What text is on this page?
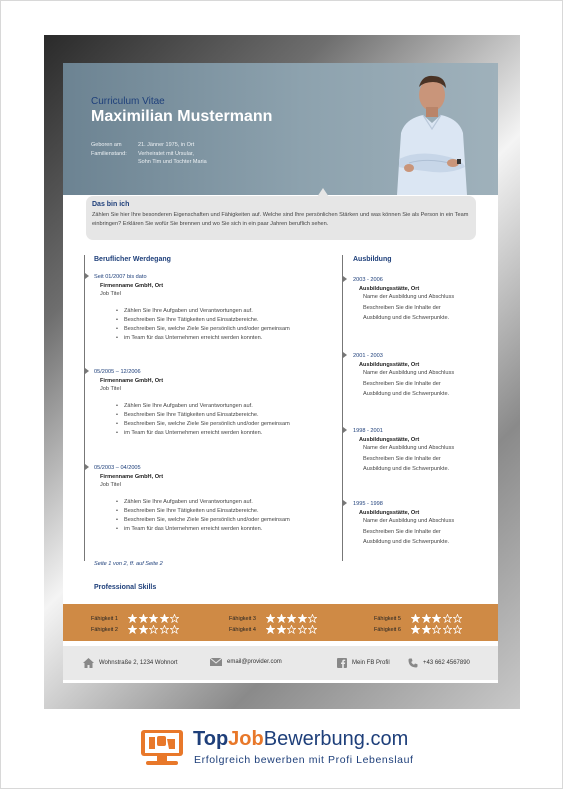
Curriculum Vitae
Maximilian Mustermann
Geboren am	21. Jänner 1975, in Ort
Familienstand:	Verheiratet mit Ursular,
Sohn Tim und Tochter Maria
Das bin ich
Zählen Sie hier Ihre besonderen Eigenschaften und Fähigkeiten auf. Welche sind Ihre persönlichen Stärken und was können Sie als Person in ein Team einbringen? Erklären Sie wofür Sie brennen und wo Sie sich in ein paar Jahren beruflich sehen.
Beruflicher Werdegang
Seit 01/2007 bis dato
Firmenname GmbH, Ort
Job Titel
• Zählen Sie Ihre Aufgaben und Verantwortungen auf.
• Beschreiben Sie Ihre Tätigkeiten und Einsatzbereiche.
• Beschreiben Sie, welche Ziele Sie persönlich und/oder gemeinsam
• im Team für das Unternehmen erreicht werden konnten.
05/2005 – 12/2006
Firmenname GmbH, Ort
Job Titel
• Zählen Sie Ihre Aufgaben und Verantwortungen auf.
• Beschreiben Sie Ihre Tätigkeiten und Einsatzbereiche.
• Beschreiben Sie, welche Ziele Sie persönlich und/oder gemeinsam
• im Team für das Unternehmen erreicht werden konnten.
05/2003 – 04/2005
Firmenname GmbH, Ort
Job Titel
• Zählen Sie Ihre Aufgaben und Verantwortungen auf.
• Beschreiben Sie Ihre Tätigkeiten und Einsatzbereiche.
• Beschreiben Sie, welche Ziele Sie persönlich und/oder gemeinsam
• im Team für das Unternehmen erreicht werden konnten.
Seite 1 von 2, ff. auf Seite 2
Ausbildung
2003 - 2006
Ausbildungsstätte, Ort
Name der Ausbildung und Abschluss
Beschreiben Sie die Inhalte der
Ausbildung und die Schwerpunkte.
2001 - 2003
Ausbildungsstätte, Ort
Name der Ausbildung und Abschluss
Beschreiben Sie die Inhalte der
Ausbildung und die Schwerpunkte.
1998 - 2001
Ausbildungsstätte, Ort
Name der Ausbildung und Abschluss
Beschreiben Sie die Inhalte der
Ausbildung und die Schwerpunkte.
1995 - 1998
Ausbildungsstätte, Ort
Name der Ausbildung und Abschluss
Beschreiben Sie die Inhalte der
Ausbildung und die Schwerpunkte.
Professional Skills
Fähigkeit 1
Fähigkeit 2
Fähigkeit 3
Fähigkeit 4
Fähigkeit 5
Fähigkeit 6
Wohnstraße 2, 1234 Wohnort	email@provider.com	Mein FB Profil	+43 662 4567890
TopJobBewerbung.com
Erfolgreich bewerben mit Profi Lebenslauf
